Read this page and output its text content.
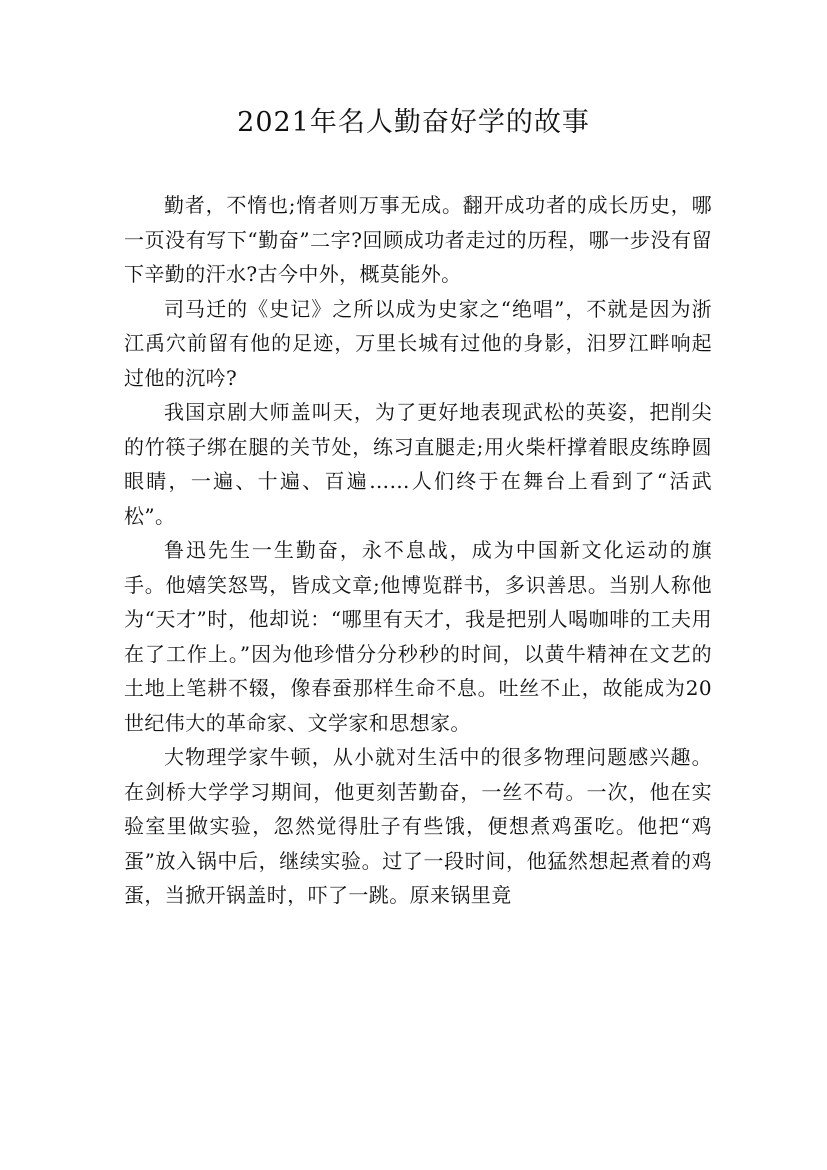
2021年名人勤奋好学的故事

勤者，不惰也;惰者则万事无成。翻开成功者的成长历史，哪一页没有写下“勤奋”二字?回顾成功者走过的历程，哪一步没有留下辛勤的汗水?古今中外，概莫能外。

司马迁的《史记》之所以成为史家之“绝唱”，不就是因为浙江禹穴前留有他的足迹，万里长城有过他的身影，汨罗江畔响起过他的沉吟?

我国京剧大师盖叫天，为了更好地表现武松的英姿，把削尖的竹筷子绑在腿的关节处，练习直腿走;用火柴杆撑着眼皮练睁圆眼睛，一遍、十遍、百遍……人们终于在舞台上看到了“活武松”。

鲁迅先生一生勤奋，永不息战，成为中国新文化运动的旗手。他嬉笑怒骂，皆成文章;他博览群书，多识善思。当别人称他为“天才”时，他却说：“哪里有天才，我是把别人喝咖啡的工夫用在了工作上。”因为他珍惜分分秒秒的时间，以黄牛精神在文艺的土地上笔耕不辍，像春蚕那样生命不息。吐丝不止，故能成为20世纪伟大的革命家、文学家和思想家。

大物理学家牛顿，从小就对生活中的很多物理问题感兴趣。在剑桥大学学习期间，他更刻苦勤奋，一丝不苟。一次，他在实验室里做实验，忽然觉得肚子有些饿，便想煮鸡蛋吃。他把“鸡蛋”放入锅中后，继续实验。过了一段时间，他猛然想起煮着的鸡蛋，当掀开锅盖时，吓了一跳。原来锅里竟
